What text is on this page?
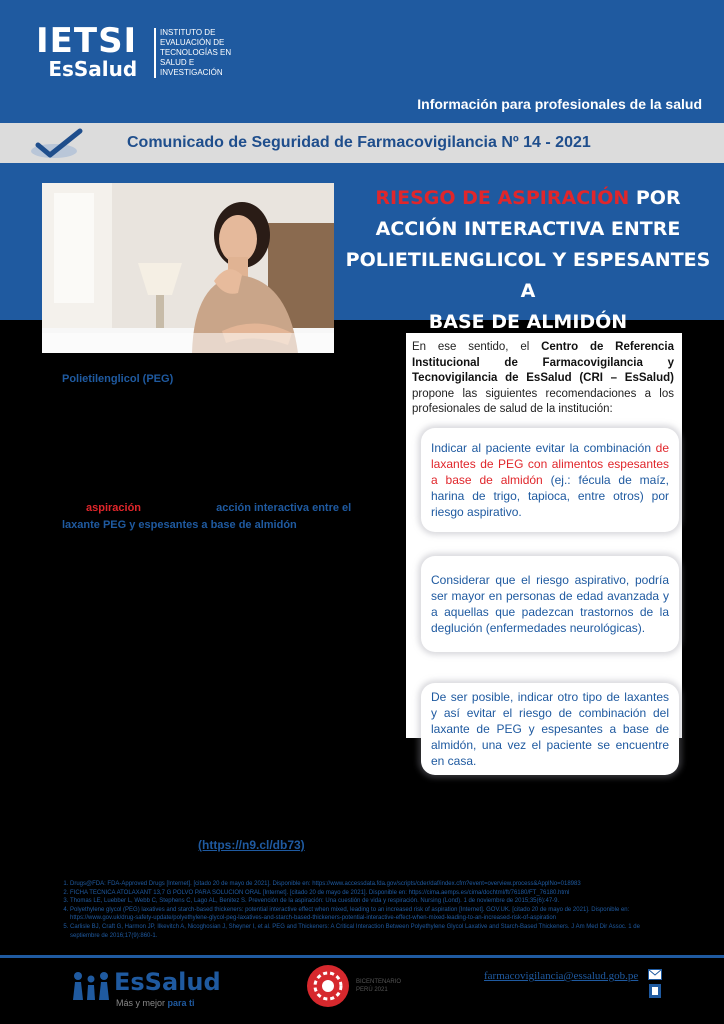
IETSI
EsSalud
INSTITUTO DE
EVALUACIÓN DE
TECNOLOGÍAS EN
SALUD E
INVESTIGACIÓN
Información para profesionales de la salud
Comunicado de Seguridad de Farmacovigilancia Nº 14 - 2021
RIESGO DE ASPIRACIÓN POR
ACCIÓN INTERACTIVA ENTRE
POLIETILENGLICOL Y ESPESANTES A
BASE DE ALMIDÓN
Polietilenglicol (PEG)
aspiración	acción interactiva entre el
laxante PEG y espesantes a base de almidón
(https://n9.cl/db73)
En ese sentido, el Centro de Referencia Institucional de Farmacovigilancia y Tecnovigilancia de EsSalud (CRI – EsSalud) propone las siguientes recomendaciones a los profesionales de salud de la institución:
Indicar al paciente evitar la combinación de laxantes de PEG con alimentos espesantes a base de almidón (ej.: fécula de maíz, harina de trigo, tapioca, entre otros) por riesgo aspirativo.
Considerar que el riesgo aspirativo, podría ser mayor en personas de edad avanzada y a aquellas que padezcan trastornos de la deglución (enfermedades neurológicas).
De ser posible, indicar otro tipo de laxantes y así evitar el riesgo de combinación del laxante de PEG y espesantes a base de almidón, una vez el paciente se encuentre en casa.
1. Drugs@FDA: FDA-Approved Drugs [Internet]. [citado 20 de mayo de 2021]. Disponible en: https://www.accessdata.fda.gov/scripts/cder/daf/index.cfm?event=overview.process&ApplNo=018983
2. FICHA TECNICA ATOLAXANT 13,7 G POLVO PARA SOLUCION ORAL [Internet]. [citado 20 de mayo de 2021]. Disponible en: https://cima.aemps.es/cima/dochtml/ft/76180/FT_76180.html
3. Thomas LE, Luebber L, Webb C, Stephens C, Lago AL, Benitez S. Prevención de la aspiración: Una cuestión de vida y respiración. Nursing (Lond). 1 de noviembre de 2015;35(6):47-9.
4. Polyethylene glycol (PEG) laxatives and starch-based thickeners: potential interactive effect when mixed, leading to an increased risk of aspiration [Internet]. GOV.UK. [citado 20 de mayo de 2021]. Disponible en: https://www.gov.uk/drug-safety-update/polyethylene-glycol-peg-laxatives-and-starch-based-thickeners-potential-interactive-effect-when-mixed-leading-to-an-increased-risk-of-aspiration
5. Carlisle BJ, Craft G, Harmon JP, Ilkevitch A, Nicoghosian J, Sheyner I, et al. PEG and Thickeners: A Critical Interaction Between Polyethylene Glycol Laxative and Starch-Based Thickeners. J Am Med Dir Assoc. 1 de septiembre de 2016;17(9):860-1.
EsSalud
Más y mejor para ti
BICENTENARIO
PERÚ 2021
farmacovigilancia@essalud.gob.pe
